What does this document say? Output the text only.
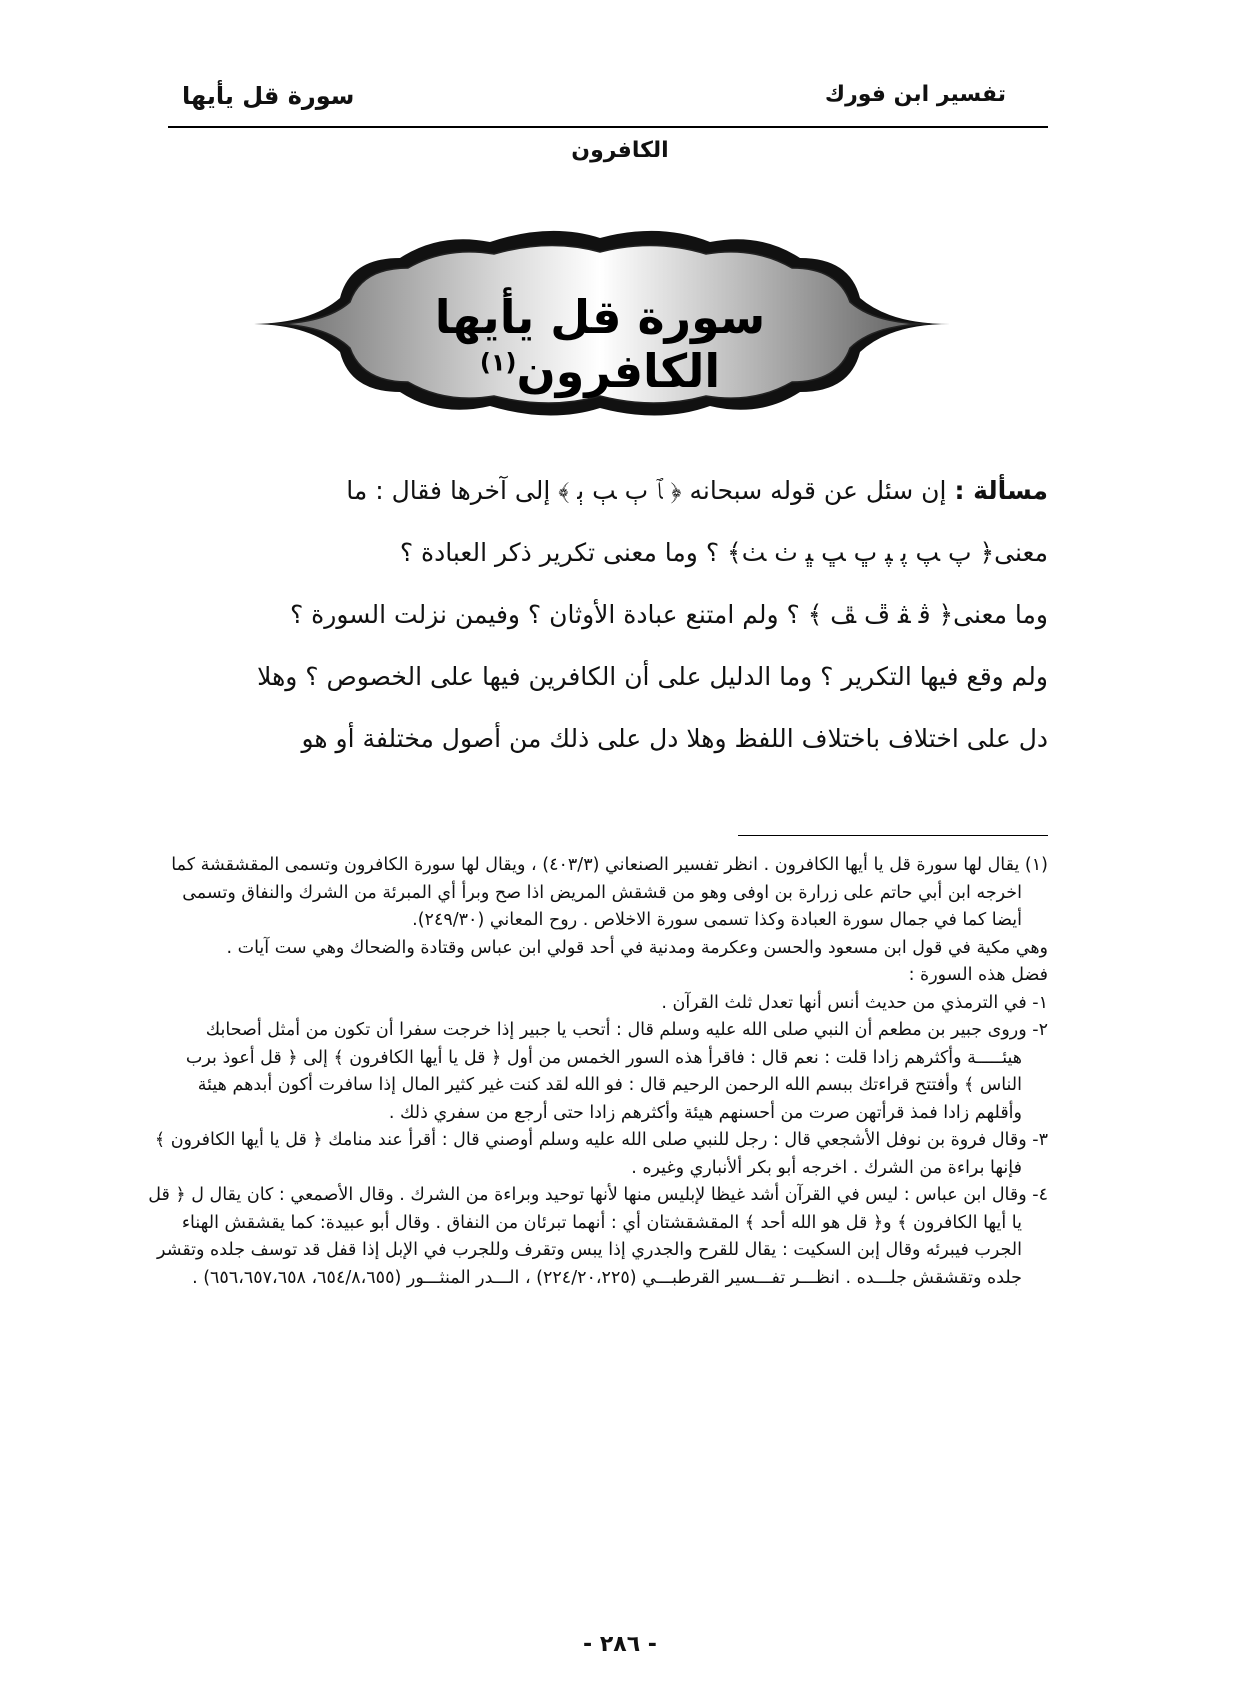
تفسير ابن فورك
سورة قل يأيها
الكافرون
سورة قل يأيها الكافرون$^{(١)}$

مسألة : إن سئل عن قوله سبحانه ﴿ ﭑ ﭒ ﭓ ﭔ ﴾ إلى آخرها فقال : ما

معنى﴿ ﭖ ﭗ ﭘ ﭙ ﭚ ﭛ ﭝ ﭞ ﭟ﴾ ؟ وما معنى تكرير ذكر العبادة ؟

وما معنى﴿ ﭬ ﭭ ﭮ ﭯ ﴾ ؟ ولم امتنع عبادة الأوثان ؟ وفيمن نزلت السورة ؟

ولم وقع فيها التكرير ؟ وما الدليل على أن الكافرين فيها على الخصوص ؟ وهلا

دل على اختلاف باختلاف اللفظ وهلا دل على ذلك من أصول مختلفة أو هو

(١) يقال لها سورة قل يا أيها الكافرون . انظر تفسير الصنعاني (٤٠٣/٣) ، ويقال لها سورة الكافرون وتسمى المقشقشة كما اخرجه ابن أبي حاتم على زرارة بن اوفى وهو من قشقش المريض اذا صح وبرأ أي المبرئة من الشرك والنفاق وتسمى أيضا كما في جمال سورة العبادة وكذا تسمى سورة الاخلاص . روح المعاني (٢٤٩/٣٠).

وهي مكية في قول ابن مسعود والحسن وعكرمة ومدنية في أحد قولي ابن عباس وقتادة والضحاك وهي ست آيات .

فضل هذه السورة :

١- في الترمذي من حديث أنس أنها تعدل ثلث القرآن .

٢- وروى جبير بن مطعم أن النبي صلى الله عليه وسلم قال : أتحب يا جبير إذا خرجت سفرا أن تكون من أمثل أصحابك هيئـــــة وأكثرهم زادا قلت : نعم قال : فاقرأ هذه السور الخمس من أول ﴿ قل يا أيها الكافرون ﴾ إلى ﴿ قل أعوذ برب الناس ﴾ وأفتتح قراءتك ببسم الله الرحمن الرحيم قال : فو الله لقد كنت غير كثير المال إذا سافرت أكون أبدهم هيئة وأقلهم زادا فمذ قرأتهن صرت من أحسنهم هيئة وأكثرهم زادا حتى أرجع من سفري ذلك .

٣- وقال فروة بن نوفل الأشجعي قال : رجل للنبي صلى الله عليه وسلم أوصني قال : أقرأ عند منامك ﴿ قل يا أيها الكافرون ﴾ فإنها براءة من الشرك . اخرجه أبو بكر ألأنباري وغيره .

٤- وقال ابن عباس : ليس في القرآن أشد غيظا لإبليس منها لأنها توحيد وبراءة من الشرك . وقال الأصمعي : كان يقال ل ﴿ قل يا أيها الكافرون ﴾ و﴿ قل هو الله أحد ﴾ المقشقشتان أي : أنهما تبرئان من النفاق . وقال أبو عبيدة: كما يقشقش الهناء الجرب فيبرئه وقال إبن السكيت : يقال للقرح والجدري إذا يبس وتقرف وللجرب في الإبل إذا قفل قد توسف جلده وتقشر جلده وتقشقش جلـــده . انظـــر تفـــسير القرطبـــي (٢٢٤/٢٠،٢٢٥) ، الـــدر المنثـــور (٦٥٤/٨،٦٥٥، ٦٥٦،٦٥٧،٦٥٨) .

- ٢٨٦ -
